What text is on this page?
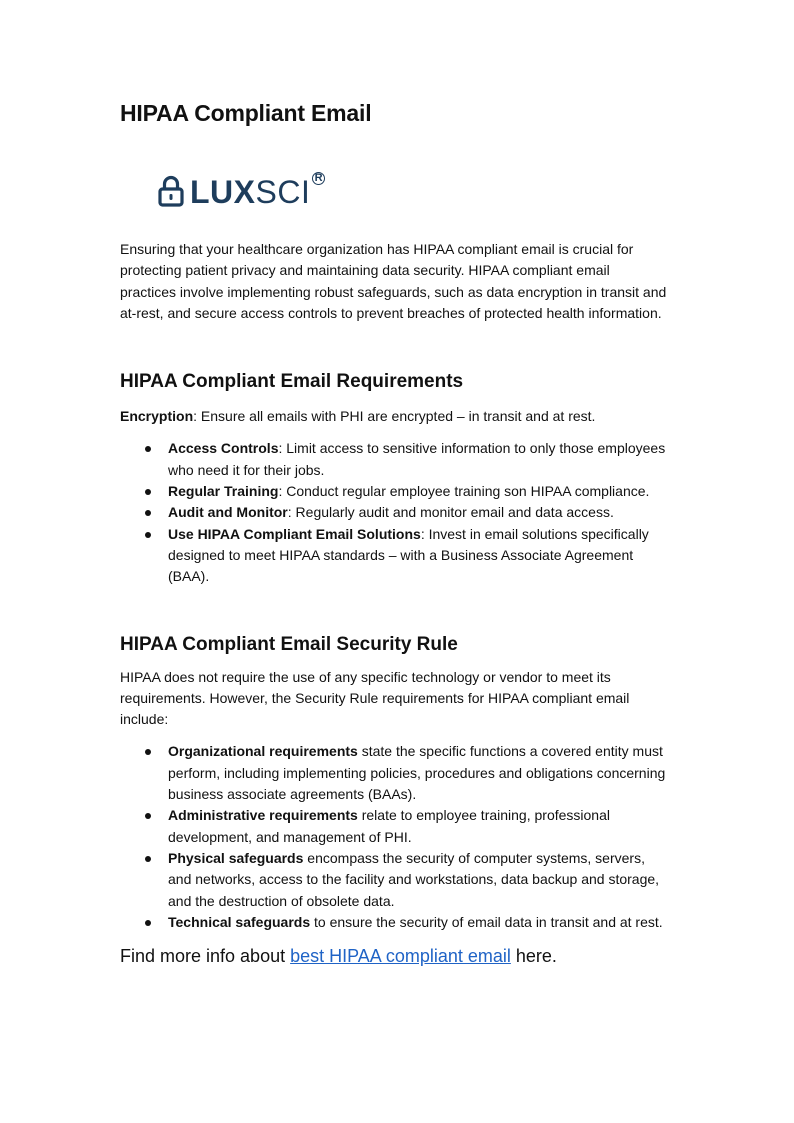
HIPAA Compliant Email
LUX SCI R

Ensuring that your healthcare organization has HIPAA compliant email is crucial for protecting patient privacy and maintaining data security. HIPAA compliant email practices involve implementing robust safeguards, such as data encryption in transit and at-rest, and secure access controls to prevent breaches of protected health information.

HIPAA Compliant Email Requirements

Encryption: Ensure all emails with PHI are encrypted – in transit and at rest.

Access Controls: Limit access to sensitive information to only those employees who need it for their jobs.
Regular Training: Conduct regular employee training son HIPAA compliance.
Audit and Monitor: Regularly audit and monitor email and data access.
Use HIPAA Compliant Email Solutions: Invest in email solutions specifically designed to meet HIPAA standards – with a Business Associate Agreement (BAA).
HIPAA Compliant Email Security Rule

HIPAA does not require the use of any specific technology or vendor to meet its requirements. However, the Security Rule requirements for HIPAA compliant email include:

Organizational requirements state the specific functions a covered entity must perform, including implementing policies, procedures and obligations concerning business associate agreements (BAAs).
Administrative requirements relate to employee training, professional development, and management of PHI.
Physical safeguards encompass the security of computer systems, servers, and networks, access to the facility and workstations, data backup and storage, and the destruction of obsolete data.
Technical safeguards to ensure the security of email data in transit and at rest.

Find more info about best HIPAA compliant email here.
